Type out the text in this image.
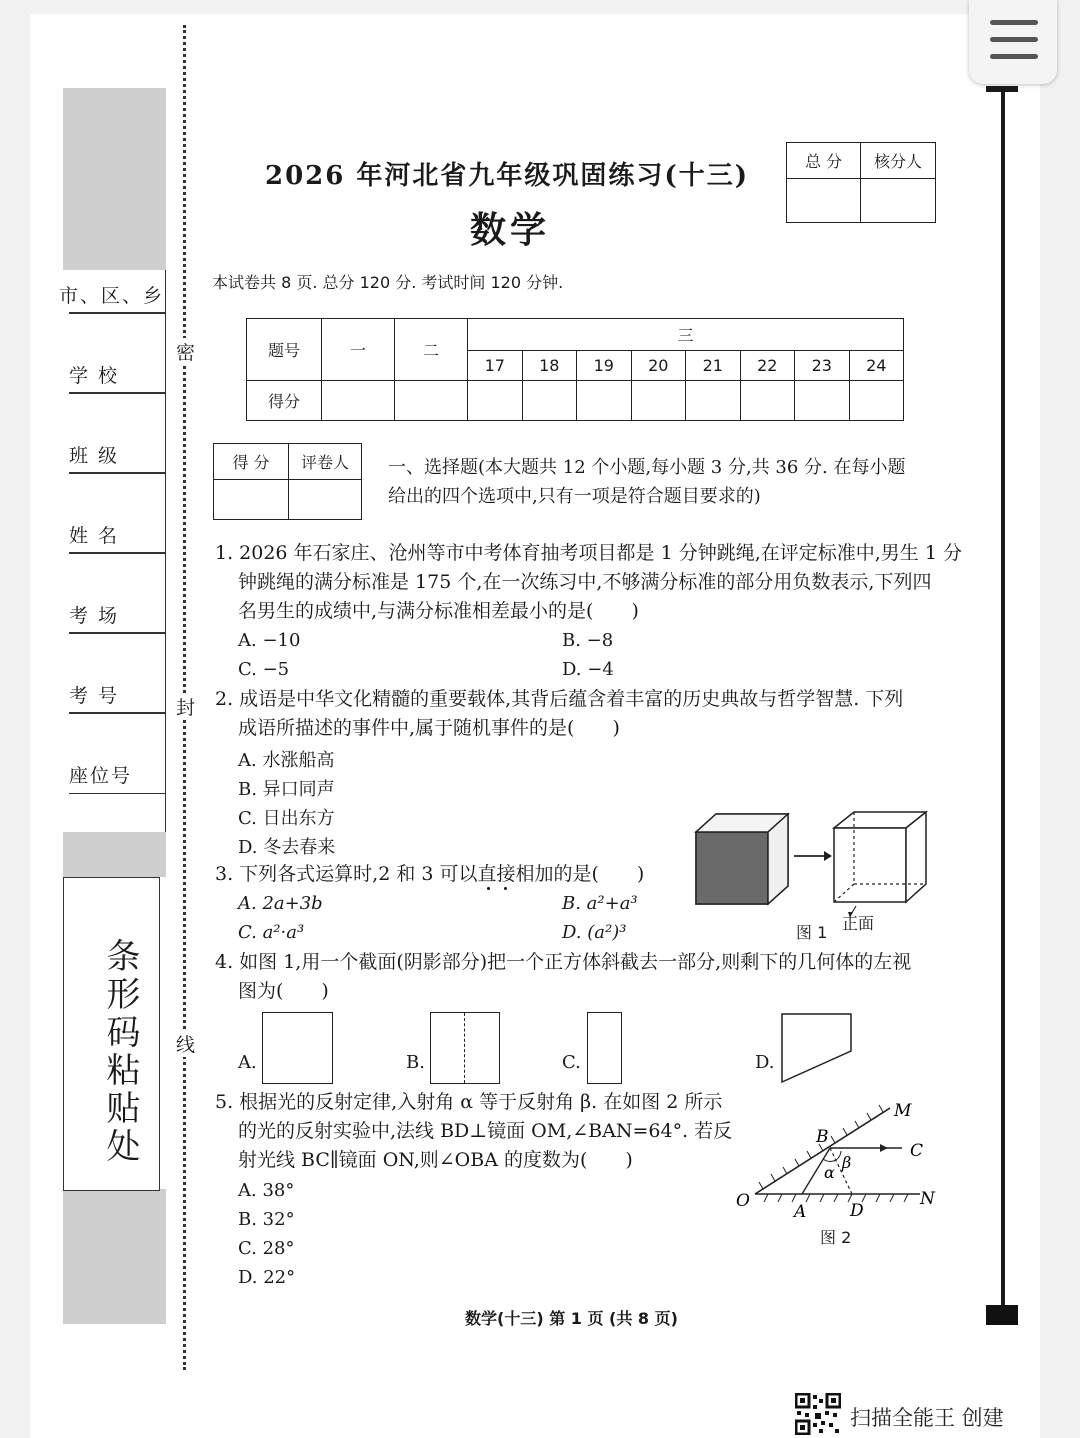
市、区、乡
学 校
班 级
姓 名
考 场
考 号
座位号
条形码粘贴处
密
封
线
2026 年河北省九年级巩固练习(十三)
数学
总 分	核分人

本试卷共 8 页. 总分 120 分. 考试时间 120 分钟.
题号	一	二	三							
			17	18	19	20	21	22	23	24
得分										
得 分	评卷人
	一、选择题(本大题共 12 个小题,每小题 3 分,共 36 分. 在每小题
给出的四个选项中,只有一项是符合题目要求的)
1. 2026 年石家庄、沧州等市中考体育抽考项目都是 1 分钟跳绳,在评定标准中,男生 1 分
钟跳绳的满分标准是 175 个,在一次练习中,不够满分标准的部分用负数表示,下列四
名男生的成绩中,与满分标准相差最小的是(　　)
A. −10	B. −8
C. −5	D. −4
2. 成语是中华文化精髓的重要载体,其背后蕴含着丰富的历史典故与哲学智慧. 下列
成语所描述的事件中,属于随机事件的是(　　)
A. 水涨船高
B. 异口同声
C. 日出东方
D. 冬去春来
3. 下列各式运算时,2 和 3 可以直接相加的是(　　)
A. 2a+3b	B. a²+a³
C. a²·a³	D. (a²)³	正面
图 1
4. 如图 1,用一个截面(阴影部分)把一个正方体斜截去一部分,则剩下的几何体的左视
图为(　　)
A.	B.	C.	D.
5. 根据光的反射定律,入射角 α 等于反射角 β. 在如图 2 所示
的光的反射实验中,法线 BD⊥镜面 OM,∠BAN=64°. 若反
射光线 BC∥镜面 ON,则∠OBA 的度数为(　　)
A. 38°
B. 32°
C. 28°
D. 22°
M
C
B
O	N
A	D
α
β
图 2
数学(十三) 第 1 页 (共 8 页)
扫描全能王 创建
